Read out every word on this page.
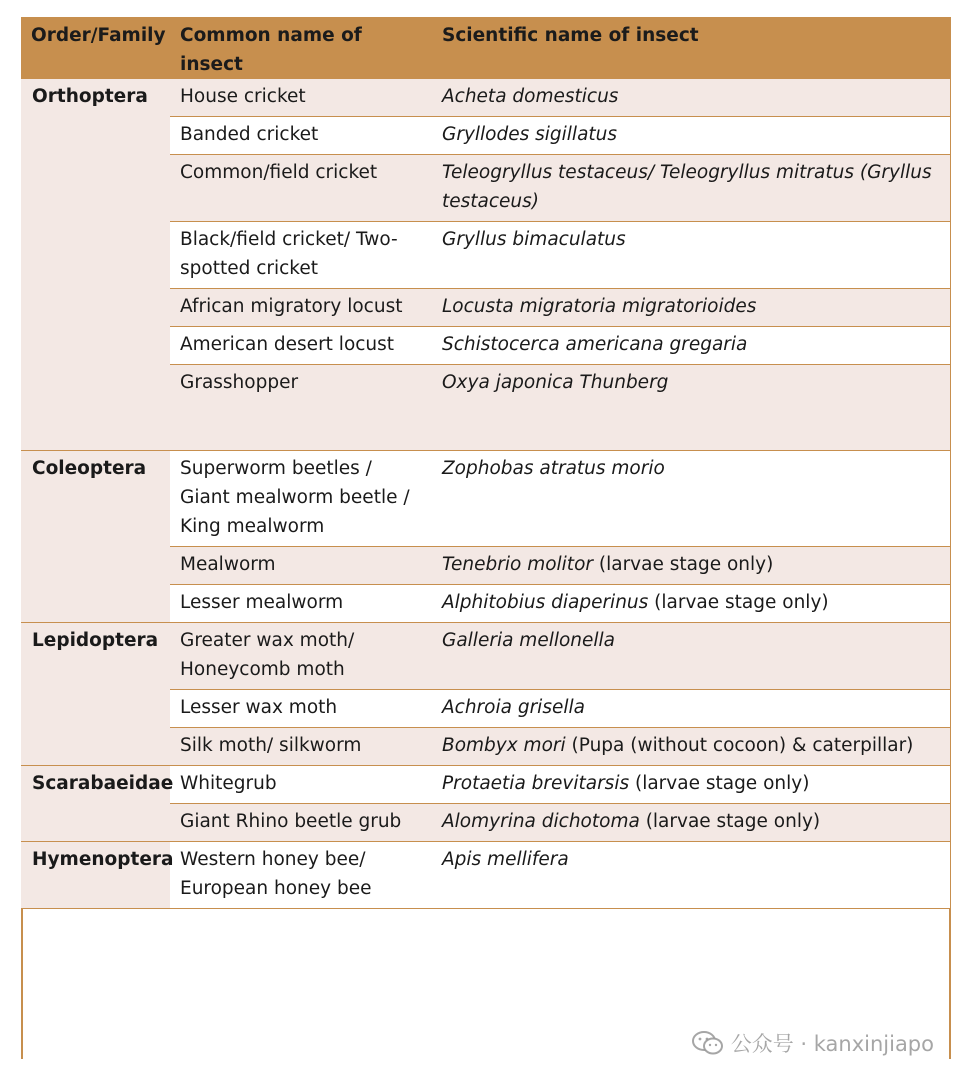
Order/Family	Common name of insect	Scientific name of insect
Orthoptera	House cricket	Acheta domesticus
	Banded cricket	Gryllodes sigillatus
	Common/field cricket	Teleogryllus testaceus/ Teleogryllus mitratus (Gryllus testaceus)
	Black/field cricket/ Two-spotted cricket	Gryllus bimaculatus
	African migratory locust	Locusta migratoria migratorioides
	American desert locust	Schistocerca americana gregaria
	Grasshopper	Oxya japonica Thunberg
Coleoptera	Superworm beetles / Giant mealworm beetle / King mealworm	Zophobas atratus morio
	Mealworm	Tenebrio molitor (larvae stage only)
	Lesser mealworm	Alphitobius diaperinus (larvae stage only)
Lepidoptera	Greater wax moth/ Honeycomb moth	Galleria mellonella
	Lesser wax moth	Achroia grisella
	Silk moth/ silkworm	Bombyx mori (Pupa (without cocoon) & caterpillar)
Scarabaeidae	Whitegrub	Protaetia brevitarsis (larvae stage only)
	Giant Rhino beetle grub	Alomyrina dichotoma (larvae stage only)
Hymenoptera	Western honey bee/ European honey bee	Apis mellifera
公众号 · kanxinjiapo
